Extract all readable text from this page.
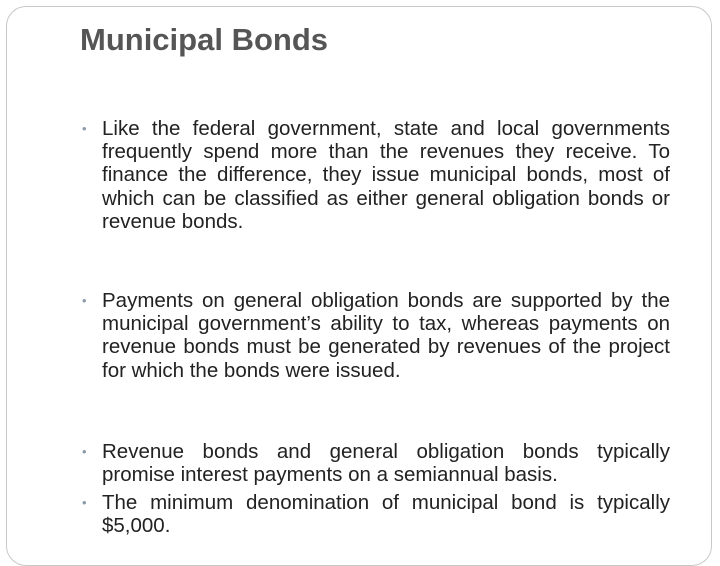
Municipal Bonds
• Like the federal government, state and local governments frequently spend more than the revenues they receive. To finance the difference, they issue municipal bonds, most of which can be classified as either general obligation bonds or revenue bonds.
• Payments on general obligation bonds are supported by the municipal government’s ability to tax, whereas payments on revenue bonds must be generated by revenues of the project for which the bonds were issued.
• Revenue bonds and general obligation bonds typically promise interest payments on a semiannual basis.
• The minimum denomination of municipal bond is typically $5,000.
